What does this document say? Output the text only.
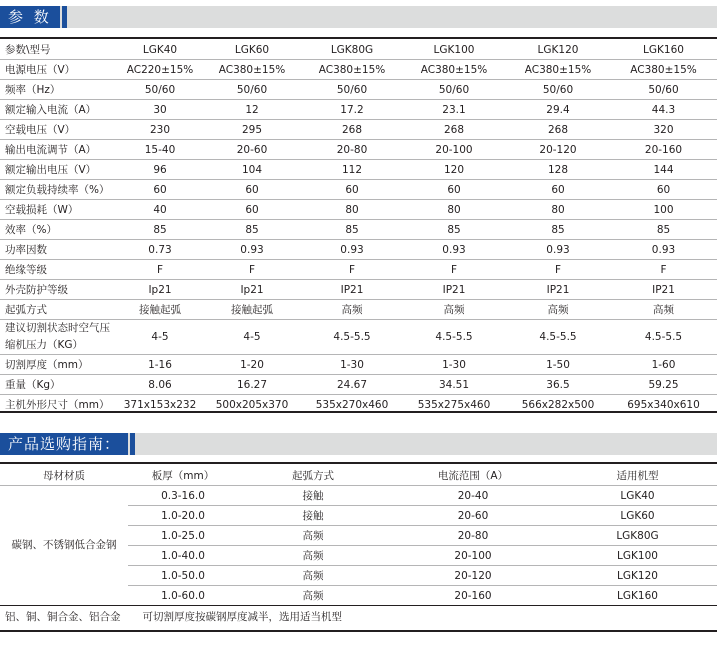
参 数
参数\型号	LGK40	LGK60	LGK80G	LGK100	LGK120	LGK160
电源电压（V）	AC220±15%	AC380±15%	AC380±15%	AC380±15%	AC380±15%	AC380±15%
频率（Hz）	50/60	50/60	50/60	50/60	50/60	50/60
额定输入电流（A）	30	12	17.2	23.1	29.4	44.3
空载电压（V）	230	295	268	268	268	320
输出电流调节（A）	15-40	20-60	20-80	20-100	20-120	20-160
额定输出电压（V）	96	104	112	120	128	144
额定负载持续率（%）	60	60	60	60	60	60
空载损耗（W）	40	60	80	80	80	100
效率（%）	85	85	85	85	85	85
功率因数	0.73	0.93	0.93	0.93	0.93	0.93
绝缘等级	F	F	F	F	F	F
外壳防护等级	Ip21	Ip21	IP21	IP21	IP21	IP21
起弧方式	接触起弧	接触起弧	高频	高频	高频	高频
建议切割状态时空气压缩机压力（KG）	4-5	4-5	4.5-5.5	4.5-5.5	4.5-5.5	4.5-5.5
切割厚度（mm）	1-16	1-20	1-30	1-30	1-50	1-60
重量（Kg）	8.06	16.27	24.67	34.51	36.5	59.25
主机外形尺寸（mm）	371x153x232	500x205x370	535x270x460	535x275x460	566x282x500	695x340x610
产品选购指南：
母材材质	板厚（mm）	起弧方式	电流范围（A）	适用机型
碳钢、不锈钢低合金钢	0.3-16.0	接触	20-40	LGK40
	1.0-20.0	接触	20-60	LGK60
	1.0-25.0	高频	20-80	LGK80G
	1.0-40.0	高频	20-100	LGK100
	1.0-50.0	高频	20-120	LGK120
	1.0-60.0	高频	20-160	LGK160
铝、铜、铜合金、铝合金 可切割厚度按碳钢厚度减半，选用适当机型
